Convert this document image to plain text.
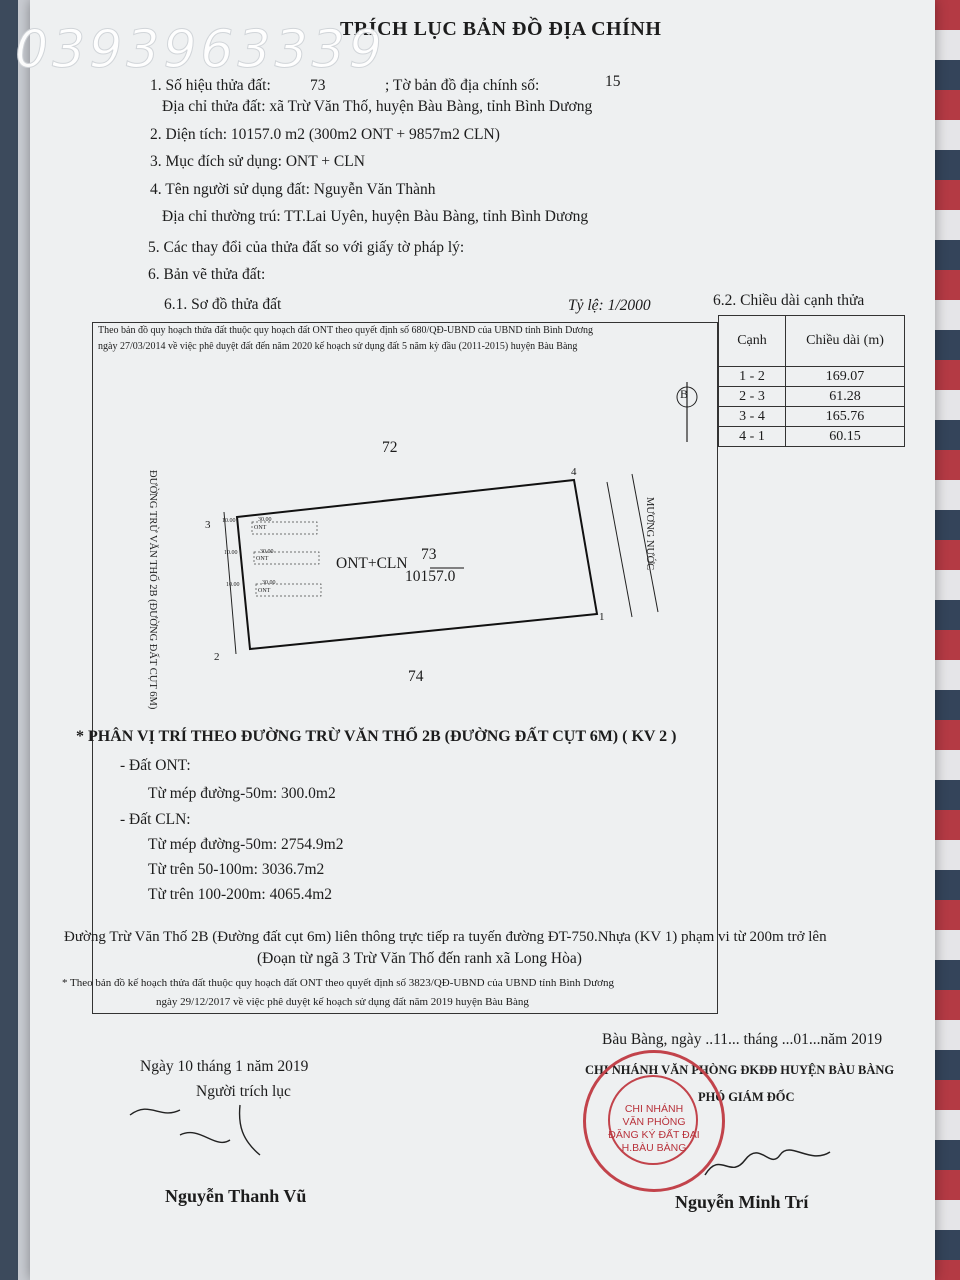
TRÍCH LỤC BẢN ĐỒ ĐỊA CHÍNH
1. Số hiệu thửa đất:	73	; Tờ bản đồ địa chính số:	15
Địa chỉ thửa đất: xã Trừ Văn Thố, huyện Bàu Bàng, tỉnh Bình Dương
2. Diện tích: 10157.0 m2 (300m2 ONT + 9857m2 CLN)
3. Mục đích sử dụng: ONT + CLN
4. Tên người sử dụng đất: Nguyễn Văn Thành
Địa chỉ thường trú: TT.Lai Uyên, huyện Bàu Bàng, tỉnh Bình Dương
5. Các thay đổi của thửa đất so với giấy tờ pháp lý:
6. Bản vẽ thửa đất:
6.1. Sơ đồ thửa đất	Tỷ lệ: 1/2000	6.2. Chiều dài cạnh thửa
Cạnh	Chiều dài (m)
1 - 2	169.07
2 - 3	61.28
3 - 4	165.76
4 - 1	60.15
Theo bản đồ quy hoạch thửa đất thuộc quy hoạch đất ONT theo quyết định số 680/QĐ-UBND của UBND tỉnh Bình Dương
ngày 27/03/2014 về việc phê duyệt đất đến năm 2020 kế hoạch sử dụng đất 5 năm kỳ đầu (2011-2015) huyện Bàu Bàng
B
72
74
3
4
1
2
ONT+CLN
73
10157.0
10.00
ONT
10.00
ONT
10.00
ONT
30.00
30.00
30.00
ĐƯỜNG TRỪ VĂN THỐ 2B (ĐƯỜNG ĐẤT CỤT 6M)	MƯƠNG NƯỚC
* PHÂN VỊ TRÍ THEO ĐƯỜNG TRỪ VĂN THỐ 2B (ĐƯỜNG ĐẤT CỤT 6M) ( KV 2 )
- Đất ONT:
Từ mép đường-50m: 300.0m2
- Đất CLN:
Từ mép đường-50m: 2754.9m2
Từ trên 50-100m: 3036.7m2
Từ trên 100-200m: 4065.4m2
Đường Trừ Văn Thố 2B (Đường đất cụt 6m) liên thông trực tiếp ra tuyến đường ĐT-750.Nhựa (KV 1) phạm vi từ 200m trở lên
(Đoạn từ ngã 3 Trừ Văn Thố đến ranh xã Long Hòa)
* Theo bản đồ kế hoạch thửa đất thuộc quy hoạch đất ONT theo quyết định số 3823/QĐ-UBND của UBND tỉnh Bình Dương
ngày 29/12/2017 về việc phê duyệt kế hoạch sử dụng đất năm 2019 huyện Bàu Bàng
Bàu Bàng, ngày ..11... tháng ...01...năm 2019
CHI NHÁNH VĂN PHÒNG ĐKĐĐ HUYỆN BÀU BÀNG
PHÓ GIÁM ĐỐC
CHI NHÁNH
VĂN PHÒNG
ĐĂNG KÝ ĐẤT ĐAI
H.BÀU BÀNG
Nguyễn Minh Trí
Ngày 10 tháng 1 năm 2019
Người trích lục
Nguyễn Thanh Vũ
0393963339
